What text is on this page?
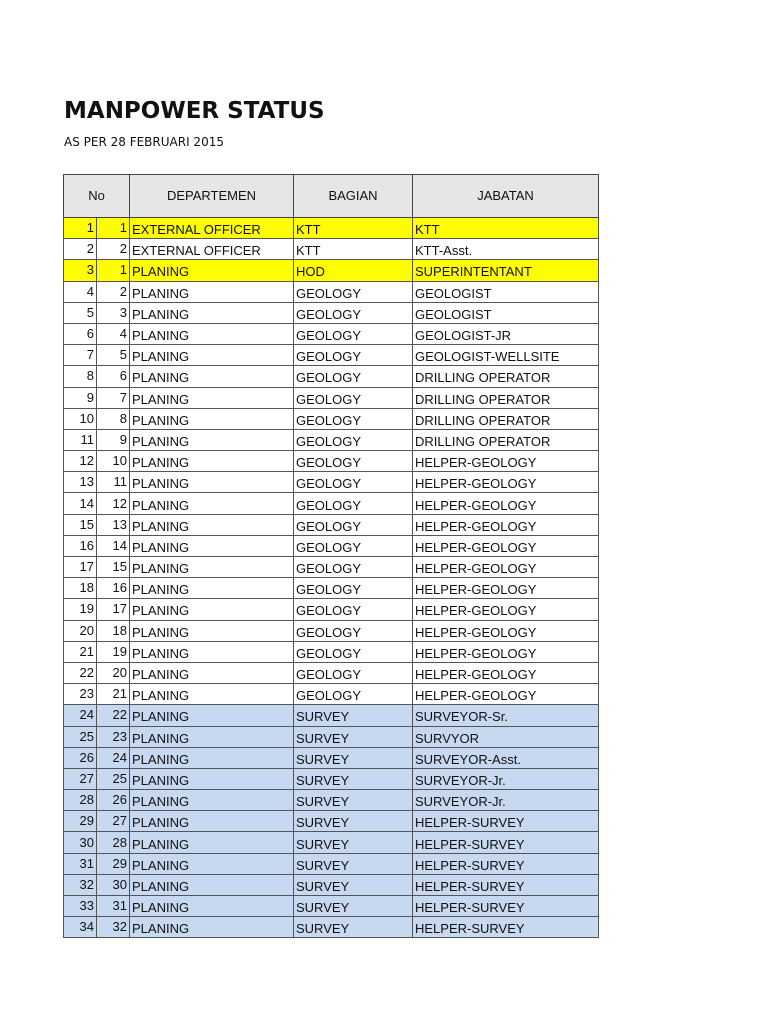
MANPOWER STATUS
AS PER 28 FEBRUARI 2015
No		DEPARTEMEN	BAGIAN	JABATAN
1	1	EXTERNAL OFFICER	KTT	KTT
2	2	EXTERNAL OFFICER	KTT	KTT-Asst.
3	1	PLANING	HOD	SUPERINTENTANT
4	2	PLANING	GEOLOGY	GEOLOGIST
5	3	PLANING	GEOLOGY	GEOLOGIST
6	4	PLANING	GEOLOGY	GEOLOGIST-JR
7	5	PLANING	GEOLOGY	GEOLOGIST-WELLSITE
8	6	PLANING	GEOLOGY	DRILLING OPERATOR
9	7	PLANING	GEOLOGY	DRILLING OPERATOR
10	8	PLANING	GEOLOGY	DRILLING OPERATOR
11	9	PLANING	GEOLOGY	DRILLING OPERATOR
12	10	PLANING	GEOLOGY	HELPER-GEOLOGY
13	11	PLANING	GEOLOGY	HELPER-GEOLOGY
14	12	PLANING	GEOLOGY	HELPER-GEOLOGY
15	13	PLANING	GEOLOGY	HELPER-GEOLOGY
16	14	PLANING	GEOLOGY	HELPER-GEOLOGY
17	15	PLANING	GEOLOGY	HELPER-GEOLOGY
18	16	PLANING	GEOLOGY	HELPER-GEOLOGY
19	17	PLANING	GEOLOGY	HELPER-GEOLOGY
20	18	PLANING	GEOLOGY	HELPER-GEOLOGY
21	19	PLANING	GEOLOGY	HELPER-GEOLOGY
22	20	PLANING	GEOLOGY	HELPER-GEOLOGY
23	21	PLANING	GEOLOGY	HELPER-GEOLOGY
24	22	PLANING	SURVEY	SURVEYOR-Sr.
25	23	PLANING	SURVEY	SURVYOR
26	24	PLANING	SURVEY	SURVEYOR-Asst.
27	25	PLANING	SURVEY	SURVEYOR-Jr.
28	26	PLANING	SURVEY	SURVEYOR-Jr.
29	27	PLANING	SURVEY	HELPER-SURVEY
30	28	PLANING	SURVEY	HELPER-SURVEY
31	29	PLANING	SURVEY	HELPER-SURVEY
32	30	PLANING	SURVEY	HELPER-SURVEY
33	31	PLANING	SURVEY	HELPER-SURVEY
34	32	PLANING	SURVEY	HELPER-SURVEY
